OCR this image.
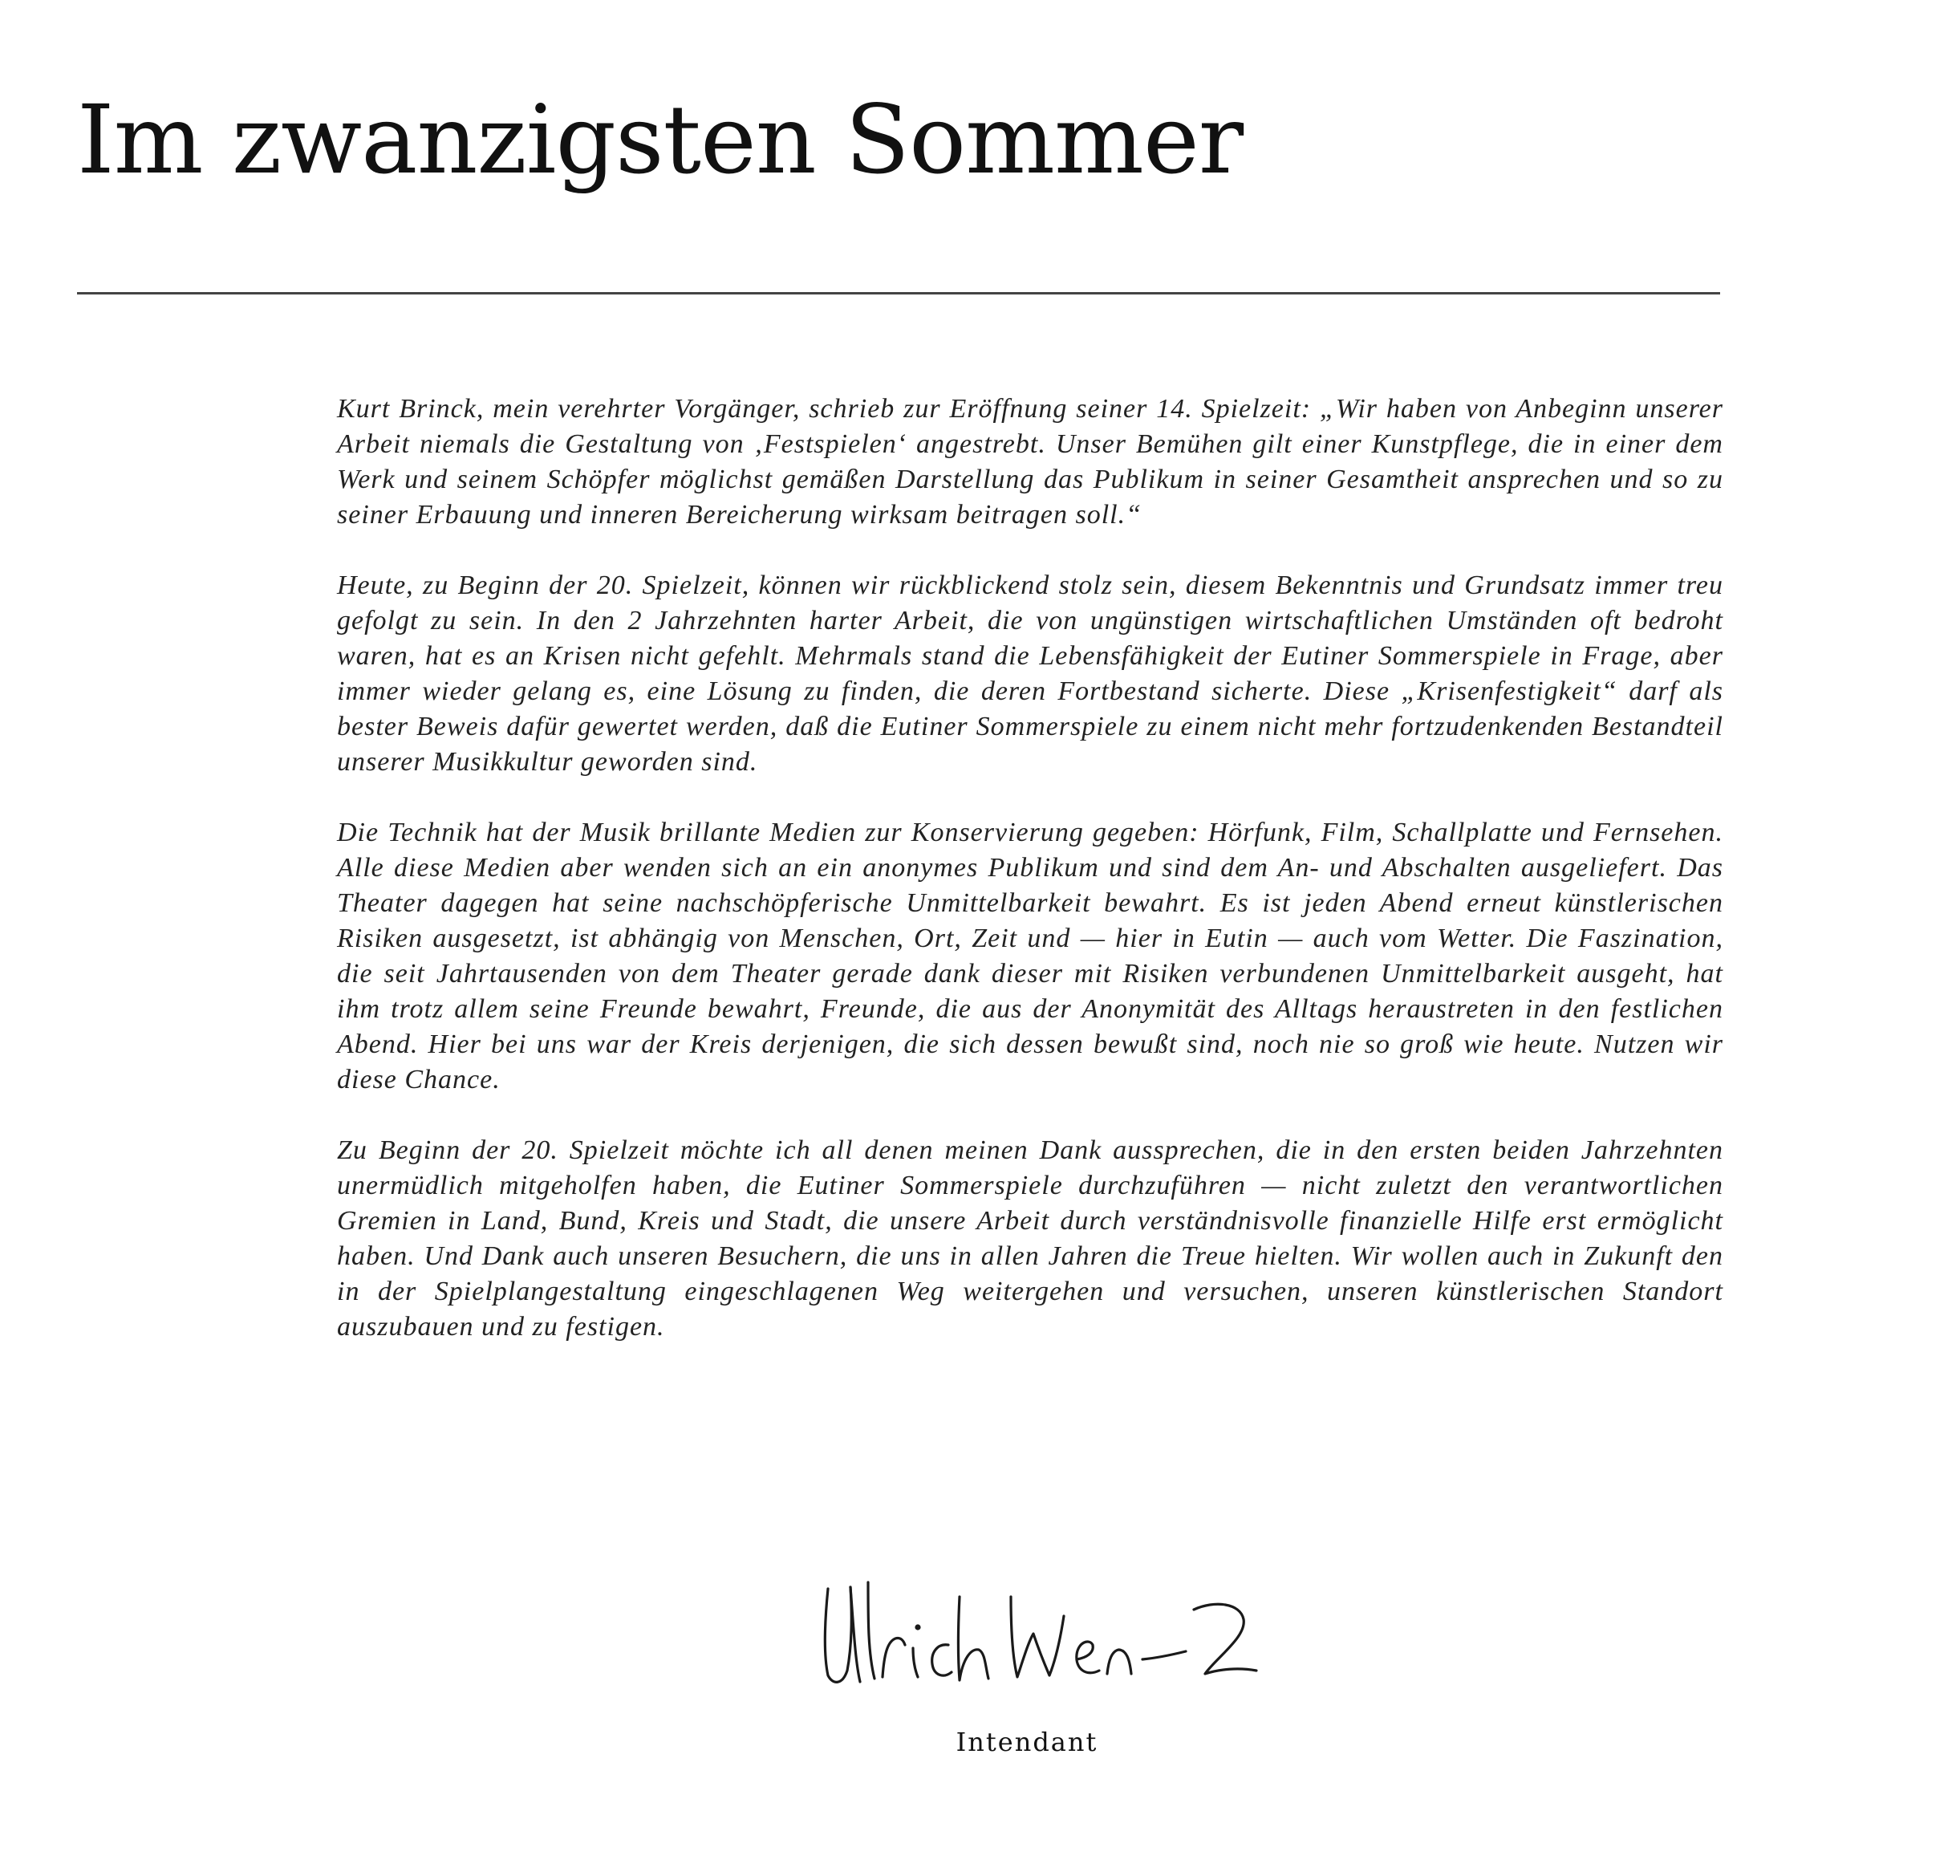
Im zwanzigsten Sommer

Kurt Brinck, mein verehrter Vorgänger, schrieb zur Eröffnung seiner 14. Spielzeit: „Wir haben von Anbeginn unserer Arbeit niemals die Gestaltung von ‚Festspielen‘ angestrebt. Unser Bemühen gilt einer Kunstpflege, die in einer dem Werk und seinem Schöpfer möglichst gemäßen Darstellung das Publikum in seiner Gesamtheit ansprechen und so zu seiner Erbauung und inneren Bereicherung wirksam beitragen soll.“

Heute, zu Beginn der 20. Spielzeit, können wir rückblickend stolz sein, diesem Bekenntnis und Grundsatz immer treu gefolgt zu sein. In den 2 Jahrzehnten harter Arbeit, die von ungünstigen wirtschaftlichen Umständen oft bedroht waren, hat es an Krisen nicht gefehlt. Mehrmals stand die Lebensfähigkeit der Eutiner Sommerspiele in Frage, aber immer wieder gelang es, eine Lösung zu finden, die deren Fortbestand sicherte. Diese „Krisenfestigkeit“ darf als bester Beweis dafür gewertet werden, daß die Eutiner Sommerspiele zu einem nicht mehr fortzudenkenden Bestandteil unserer Musikkultur geworden sind.

Die Technik hat der Musik brillante Medien zur Konservierung gegeben: Hörfunk, Film, Schallplatte und Fernsehen. Alle diese Medien aber wenden sich an ein anonymes Publikum und sind dem An- und Abschalten ausgeliefert. Das Theater dagegen hat seine nachschöpferische Unmittelbarkeit bewahrt. Es ist jeden Abend erneut künstlerischen Risiken ausgesetzt, ist abhängig von Menschen, Ort, Zeit und — hier in Eutin — auch vom Wetter. Die Faszination, die seit Jahrtausenden von dem Theater gerade dank dieser mit Risiken verbundenen Unmittelbarkeit ausgeht, hat ihm trotz allem seine Freunde bewahrt, Freunde, die aus der Anonymität des Alltags heraustreten in den festlichen Abend. Hier bei uns war der Kreis derjenigen, die sich dessen bewußt sind, noch nie so groß wie heute. Nutzen wir diese Chance.

Zu Beginn der 20. Spielzeit möchte ich all denen meinen Dank aussprechen, die in den ersten beiden Jahrzehnten unermüdlich mitgeholfen haben, die Eutiner Sommerspiele durchzuführen — nicht zuletzt den verantwortlichen Gremien in Land, Bund, Kreis und Stadt, die unsere Arbeit durch verständnisvolle finanzielle Hilfe erst ermöglicht haben. Und Dank auch unseren Besuchern, die uns in allen Jahren die Treue hielten. Wir wollen auch in Zukunft den in der Spielplangestaltung eingeschlagenen Weg weitergehen und versuchen, unseren künstlerischen Standort auszubauen und zu festigen.

Intendant
